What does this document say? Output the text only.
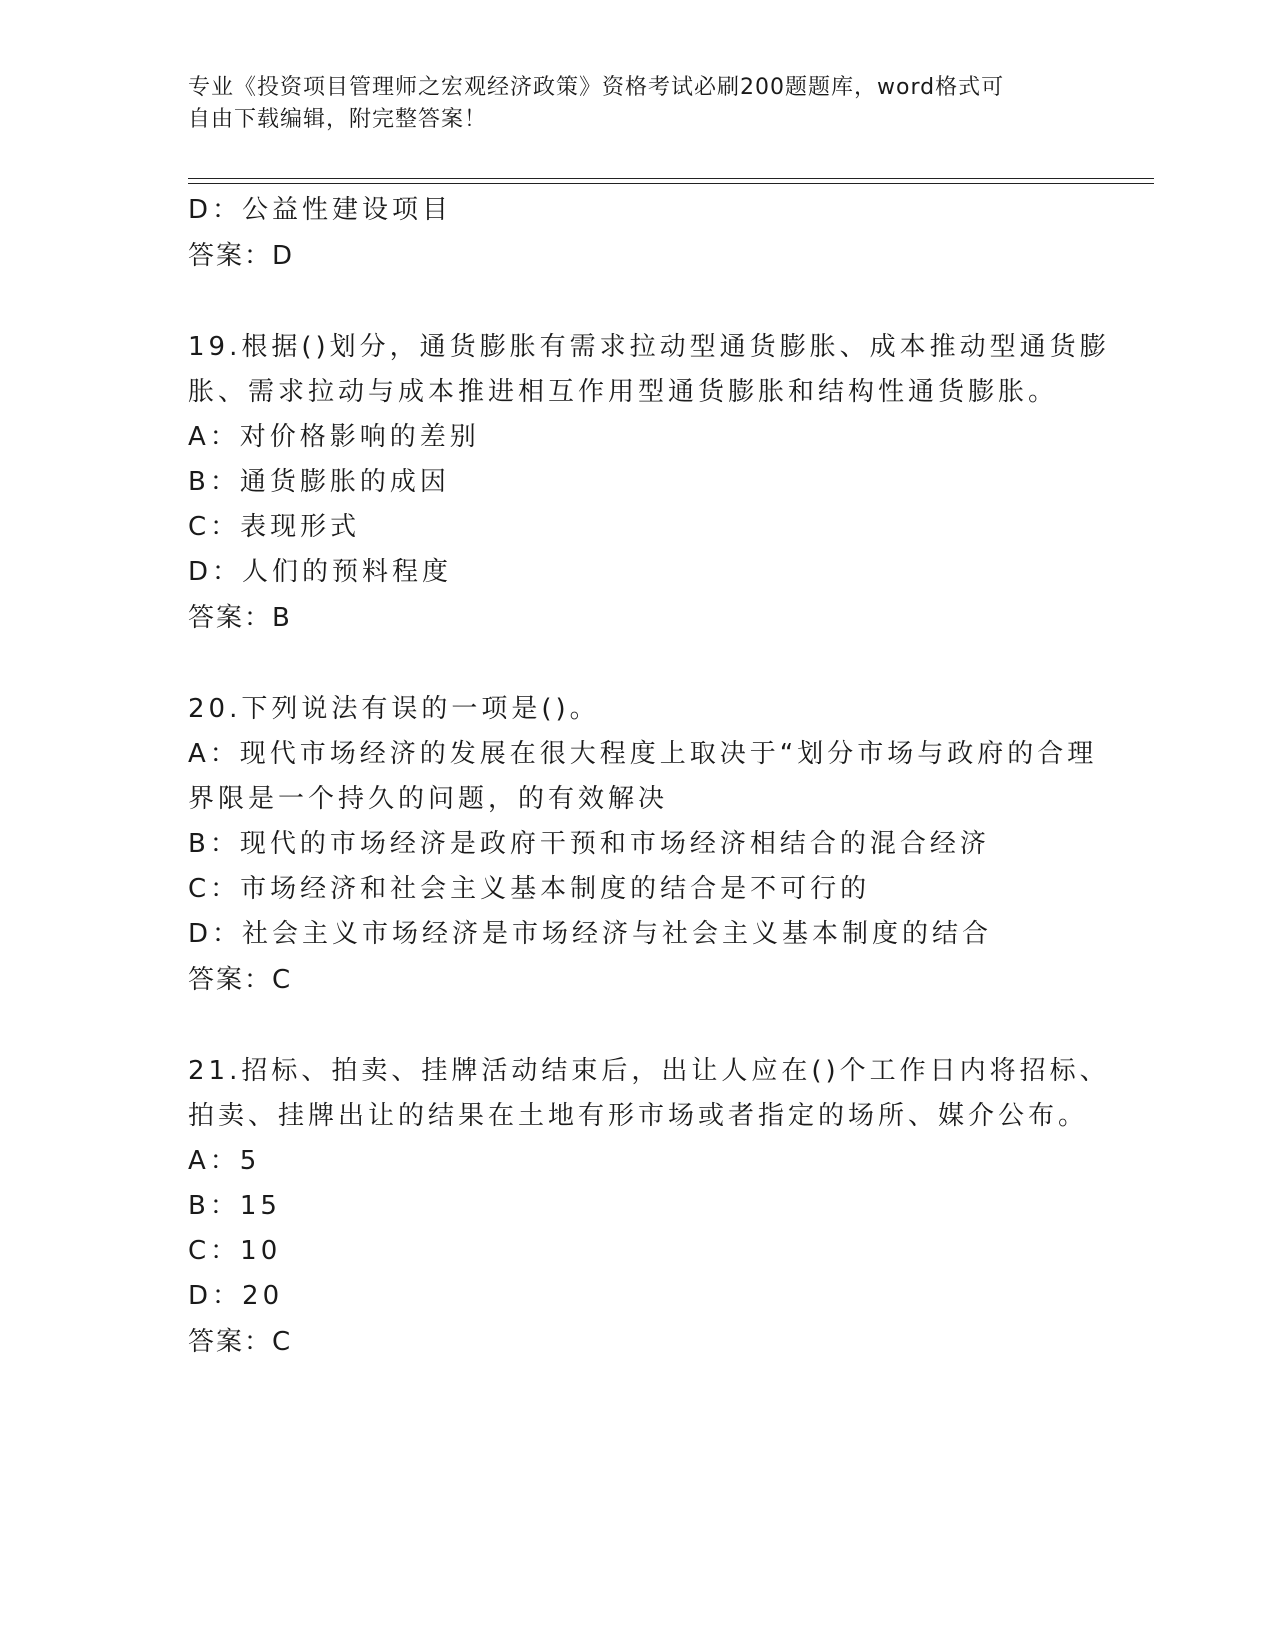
专业《投资项目管理师之宏观经济政策》资格考试必刷200题题库，word格式可
自由下载编辑，附完整答案！
D：公益性建设项目
答案：D
19.根据()划分，通货膨胀有需求拉动型通货膨胀、成本推动型通货膨
胀、需求拉动与成本推进相互作用型通货膨胀和结构性通货膨胀。
A：对价格影响的差别
B：通货膨胀的成因
C：表现形式
D：人们的预料程度
答案：B
20.下列说法有误的一项是()。
A：现代市场经济的发展在很大程度上取决于“划分市场与政府的合理
界限是一个持久的问题，的有效解决
B：现代的市场经济是政府干预和市场经济相结合的混合经济
C：市场经济和社会主义基本制度的结合是不可行的
D：社会主义市场经济是市场经济与社会主义基本制度的结合
答案：C
21.招标、拍卖、挂牌活动结束后，出让人应在()个工作日内将招标、
拍卖、挂牌出让的结果在土地有形市场或者指定的场所、媒介公布。
A：5
B：15
C：10
D：20
答案：C
